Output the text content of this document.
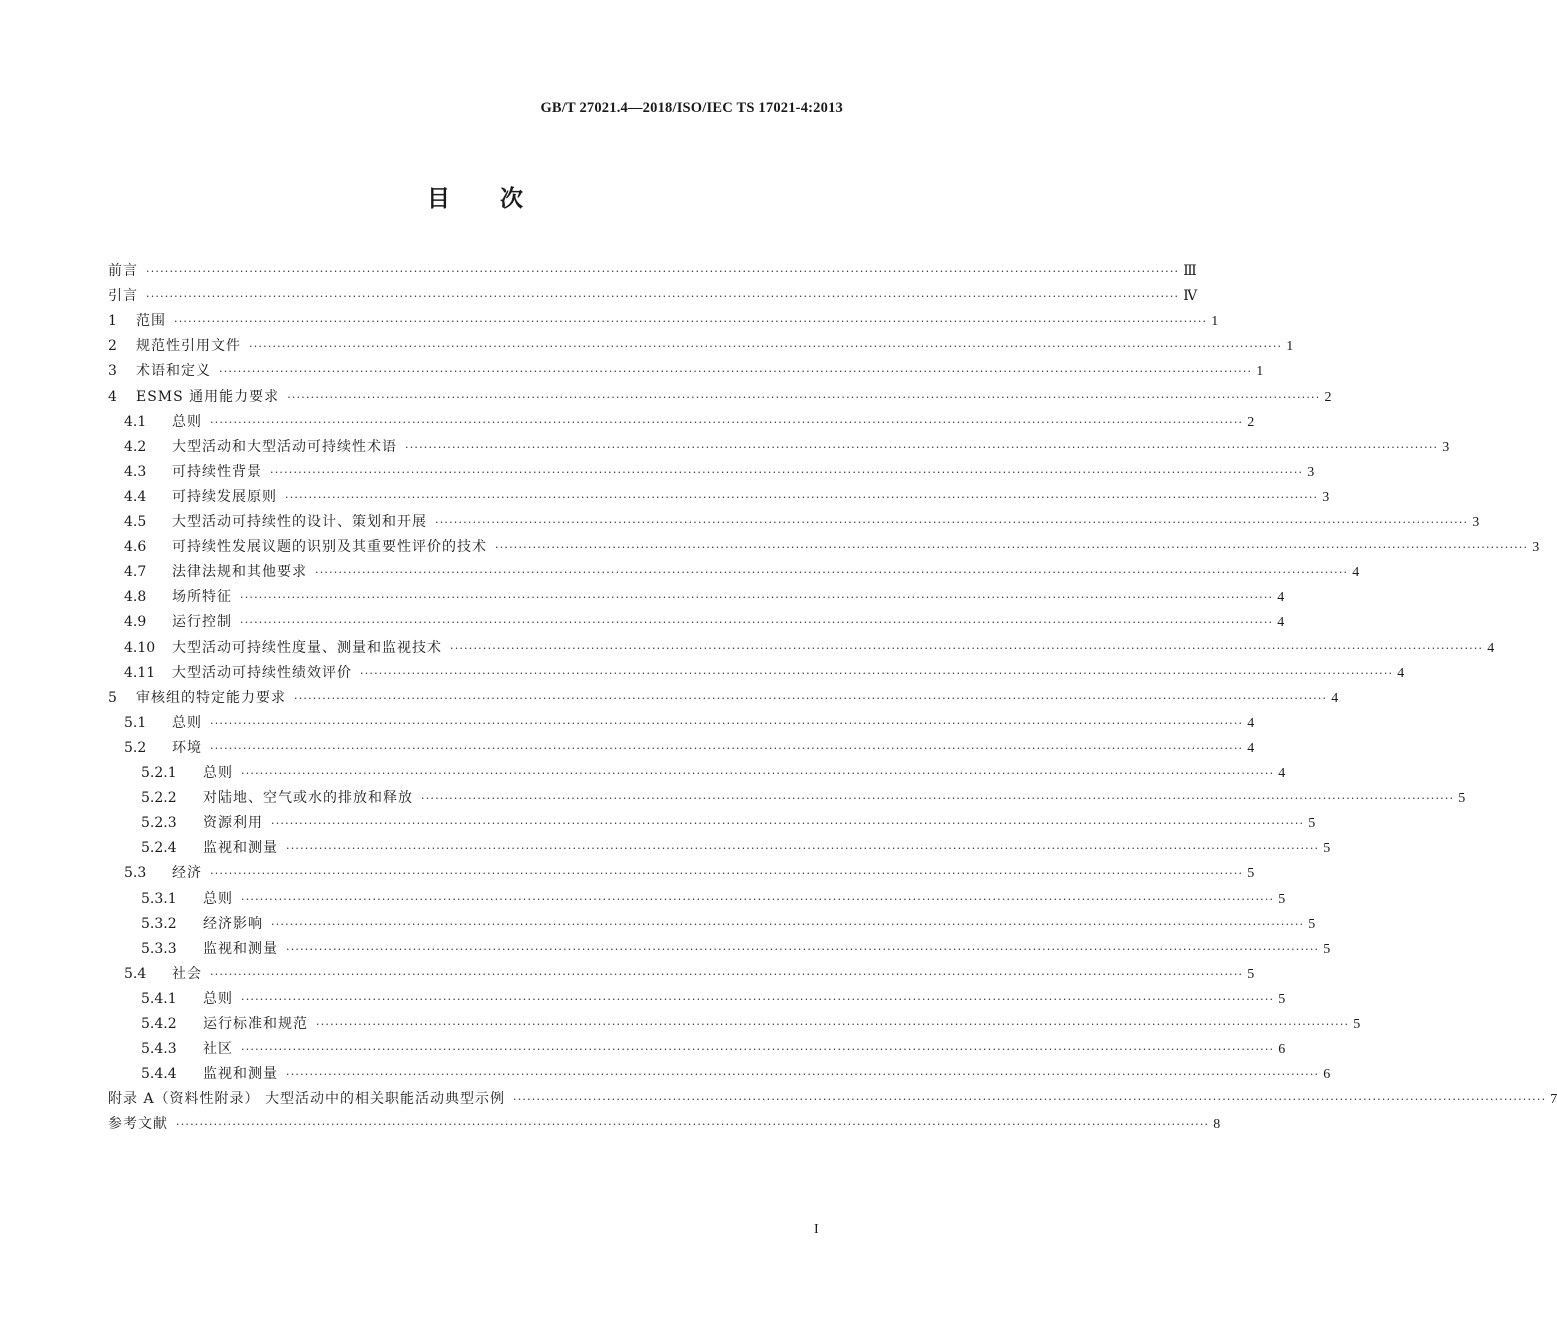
GB/T 27021.4—2018/ISO/IEC TS 17021-4:2013
目次
前言 ···························································································································································································································· Ⅲ
引言 ···························································································································································································································· Ⅳ
1	范围 ···························································································································································································································· 1
2	规范性引用文件 ···························································································································································································································· 1
3	术语和定义 ···························································································································································································································· 1
4	ESMS 通用能力要求 ···························································································································································································································· 2
4.1	总则 ···························································································································································································································· 2
4.2	大型活动和大型活动可持续性术语 ···························································································································································································································· 3
4.3	可持续性背景 ···························································································································································································································· 3
4.4	可持续发展原则 ···························································································································································································································· 3
4.5	大型活动可持续性的设计、策划和开展 ···························································································································································································································· 3
4.6	可持续性发展议题的识别及其重要性评价的技术 ···························································································································································································································· 3
4.7	法律法规和其他要求 ···························································································································································································································· 4
4.8	场所特征 ···························································································································································································································· 4
4.9	运行控制 ···························································································································································································································· 4
4.10	大型活动可持续性度量、测量和监视技术 ···························································································································································································································· 4
4.11	大型活动可持续性绩效评价 ···························································································································································································································· 4
5	审核组的特定能力要求 ···························································································································································································································· 4
5.1	总则 ···························································································································································································································· 4
5.2	环境 ···························································································································································································································· 4
5.2.1	总则 ···························································································································································································································· 4
5.2.2	对陆地、空气或水的排放和释放 ···························································································································································································································· 5
5.2.3	资源利用 ···························································································································································································································· 5
5.2.4	监视和测量 ···························································································································································································································· 5
5.3	经济 ···························································································································································································································· 5
5.3.1	总则 ···························································································································································································································· 5
5.3.2	经济影响 ···························································································································································································································· 5
5.3.3	监视和测量 ···························································································································································································································· 5
5.4	社会 ···························································································································································································································· 5
5.4.1	总则 ···························································································································································································································· 5
5.4.2	运行标准和规范 ···························································································································································································································· 5
5.4.3	社区 ···························································································································································································································· 6
5.4.4	监视和测量 ···························································································································································································································· 6
附录 A（资料性附录） 大型活动中的相关职能活动典型示例 ···························································································································································································································· 7
参考文献 ···························································································································································································································· 8
I
